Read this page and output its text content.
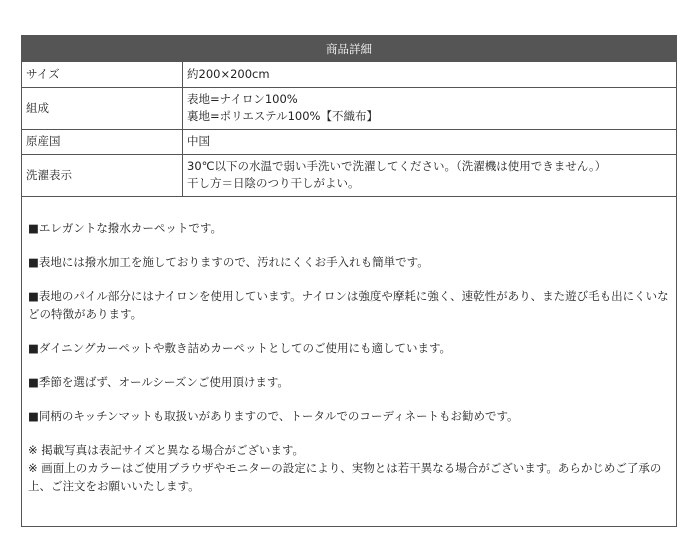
商品詳細
サイズ	約200×200cm

組成	表地=ナイロン100%
裏地=ポリエステル100%【不織布】

原産国	中国

洗濯表示	30℃以下の水温で弱い手洗いで洗濯してください。（洗濯機は使用できません。）
干し方＝日陰のつり干しがよい。

■エレガントな撥水カーペットです。

■表地には撥水加工を施しておりますので、汚れにくくお手入れも簡単です。

■表地のパイル部分にはナイロンを使用しています。ナイロンは強度や摩耗に強く、速乾性があり、また遊び毛も出にくいなどの特徴があります。

■ダイニングカーペットや敷き詰めカーペットとしてのご使用にも適しています。

■季節を選ばず、オールシーズンご使用頂けます。

■同柄のキッチンマットも取扱いがありますので、トータルでのコーディネートもお勧めです。

※ 掲載写真は表記サイズと異なる場合がございます。
※ 画面上のカラーはご使用ブラウザやモニターの設定により、実物とは若干異なる場合がございます。あらかじめご了承の上、ご注文をお願いいたします。
